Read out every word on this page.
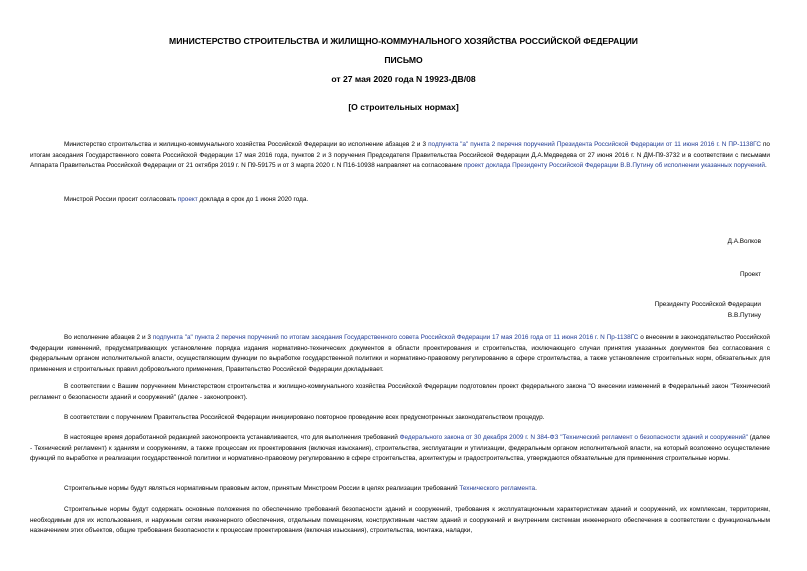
МИНИСТЕРСТВО СТРОИТЕЛЬСТВА И ЖИЛИЩНО-КОММУНАЛЬНОГО ХОЗЯЙСТВА РОССИЙСКОЙ ФЕДЕРАЦИИ
ПИСЬМО
от 27 мая 2020 года N 19923-ДВ/08
[О строительных нормах]
Министерство строительства и жилищно-коммунального хозяйства Российской Федерации во исполнение абзацев 2 и 3 подпункта "а" пункта 2 перечня поручений Президента Российской Федерации от 11 июня 2016 г. N ПР-1138ГС по итогам заседания Государственного совета Российской Федерации 17 мая 2016 года, пунктов 2 и 3 поручения Председателя Правительства Российской Федерации Д.А.Медведева от 27 июня 2016 г. N ДМ-П9-3732 и в соответствии с письмами Аппарата Правительства Российской Федерации от 21 октября 2019 г. N П9-59175 и от 3 марта 2020 г. N П16-10938 направляет на согласование проект доклада Президенту Российской Федерации В.В.Путину об исполнении указанных поручений.
Минстрой России просит согласовать проект доклада в срок до 1 июня 2020 года.
Д.А.Волков
Проект
Президенту Российской Федерации
В.В.Путину
Во исполнение абзацев 2 и 3 подпункта "а" пункта 2 перечня поручений по итогам заседания Государственного совета Российской Федерации 17 мая 2016 года от 11 июня 2016 г. N Пр-1138ГС о внесении в законодательство Российской Федерации изменений, предусматривающих установление порядка издания нормативно-технических документов в области проектирования и строительства, исключающего случаи принятия указанных документов без согласования с федеральным органом исполнительной власти, осуществляющим функции по выработке государственной политики и нормативно-правовому регулированию в сфере строительства, а также установление строительных норм, обязательных для применения и строительных правил добровольного применения, Правительство Российской Федерации докладывает.
В соответствии с Вашим поручением Министерством строительства и жилищно-коммунального хозяйства Российской Федерации подготовлен проект федерального закона "О внесении изменений в Федеральный закон "Технический регламент о безопасности зданий и сооружений" (далее - законопроект).
В соответствии с поручением Правительства Российской Федерации инициировано повторное проведение всех предусмотренных законодательством процедур.
В настоящее время доработанной редакцией законопроекта устанавливается, что для выполнения требований Федерального закона от 30 декабря 2009 г. N 384-ФЗ "Технический регламент о безопасности зданий и сооружений" (далее - Технический регламент) к зданиям и сооружениям, а также процессам их проектирования (включая изыскания), строительства, эксплуатации и утилизации, федеральным органом исполнительной власти, на который возложено осуществление функций по выработке и реализации государственной политики и нормативно-правовому регулированию в сфере строительства, архитектуры и градостроительства, утверждаются обязательные для применения строительные нормы.
Строительные нормы будут являться нормативным правовым актом, принятым Минстроем России в целях реализации требований Технического регламента.
Строительные нормы будут содержать основные положения по обеспечению требований безопасности зданий и сооружений, требования к эксплуатационным характеристикам зданий и сооружений, их комплексам, территориям, необходимым для их использования, и наружным сетям инженерного обеспечения, отдельным помещениям, конструктивным частям зданий и сооружений и внутренним системам инженерного обеспечения в соответствии с функциональным назначением этих объектов, общие требования безопасности к процессам проектирования (включая изыскания), строительства, монтажа, наладки,
